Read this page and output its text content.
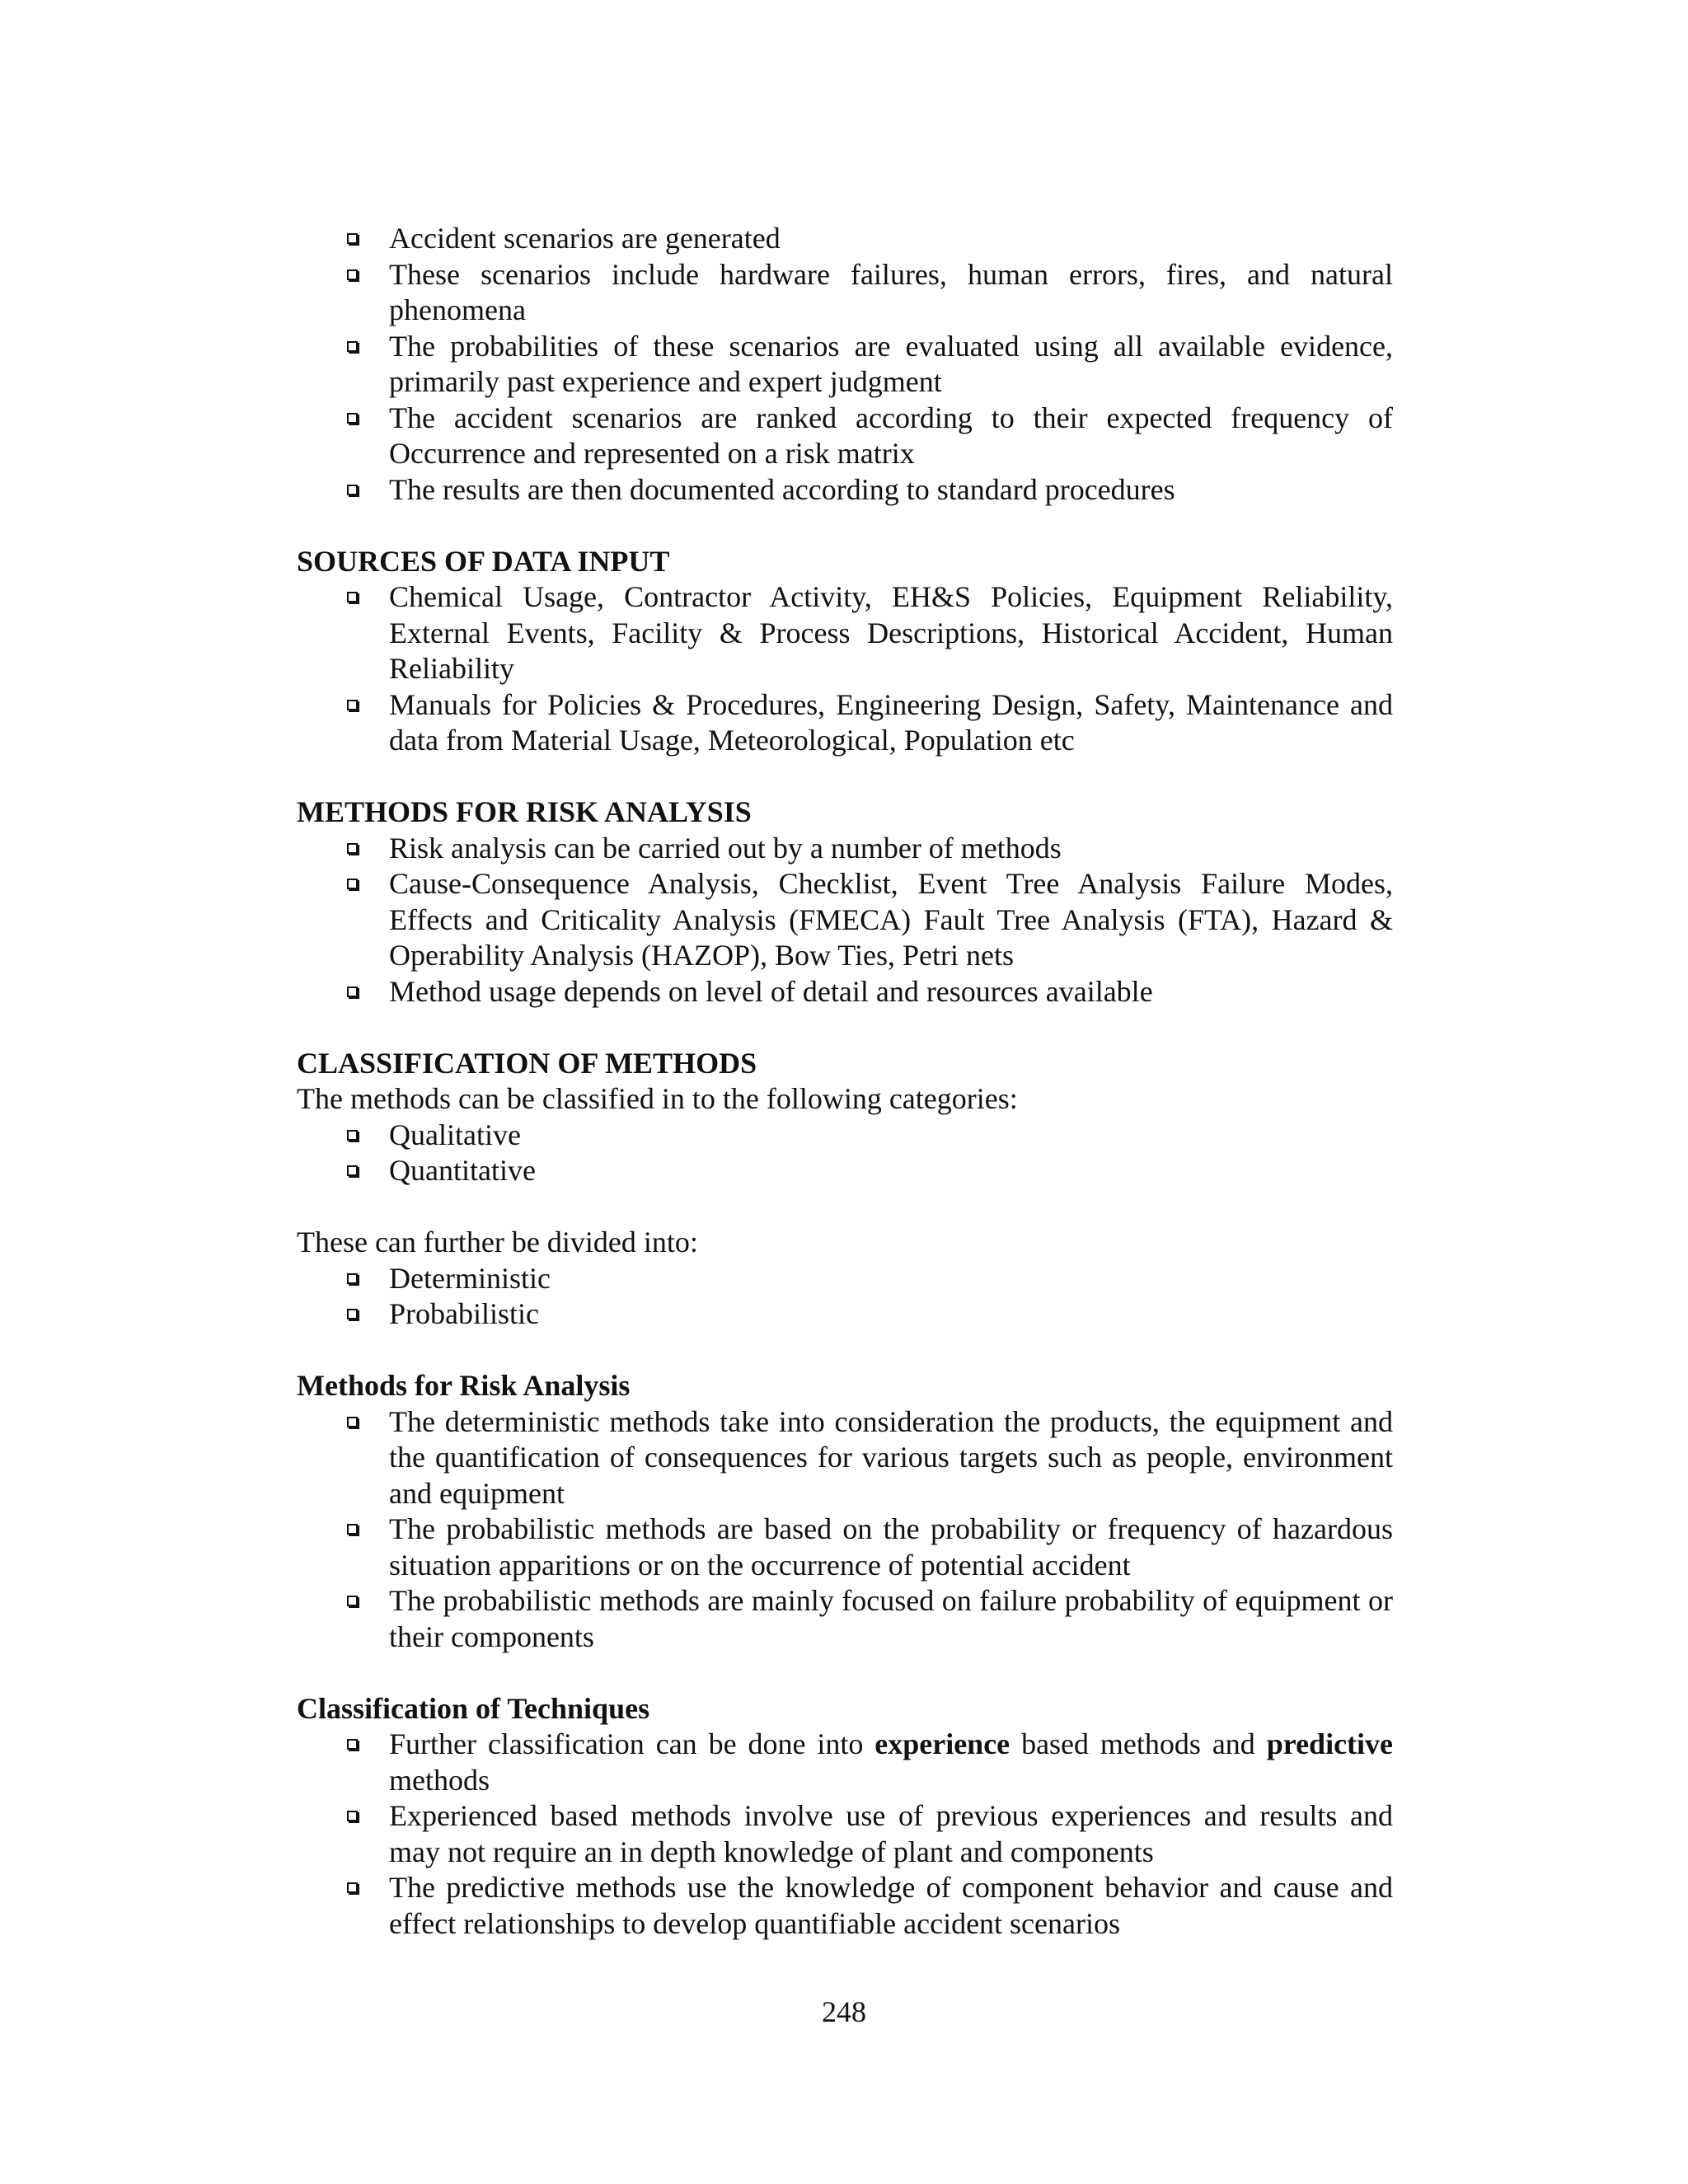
Accident scenarios are generated
These scenarios include hardware failures, human errors, fires, and natural phenomena
The probabilities of these scenarios are evaluated using all available evidence, primarily past experience and expert judgment
The accident scenarios are ranked according to their expected frequency of Occurrence and represented on a risk matrix
The results are then documented according to standard procedures

SOURCES OF DATA INPUT

Chemical Usage, Contractor Activity, EH&S Policies, Equipment Reliability, External Events, Facility & Process Descriptions, Historical Accident, Human Reliability
Manuals for Policies & Procedures, Engineering Design, Safety, Maintenance and data from Material Usage, Meteorological, Population etc

METHODS FOR RISK ANALYSIS

Risk analysis can be carried out by a number of methods
Cause-Consequence Analysis, Checklist, Event Tree Analysis Failure Modes, Effects and Criticality Analysis (FMECA) Fault Tree Analysis (FTA), Hazard & Operability Analysis (HAZOP), Bow Ties, Petri nets
Method usage depends on level of detail and resources available

CLASSIFICATION OF METHODS

The methods can be classified in to the following categories:

Qualitative
Quantitative

These can further be divided into:

Deterministic
Probabilistic

Methods for Risk Analysis

The deterministic methods take into consideration the products, the equipment and the quantification of consequences for various targets such as people, environment and equipment
The probabilistic methods are based on the probability or frequency of hazardous situation apparitions or on the occurrence of potential accident
The probabilistic methods are mainly focused on failure probability of equipment or their components

Classification of Techniques

Further classification can be done into experience based methods and predictive methods
Experienced based methods involve use of previous experiences and results and may not require an in depth knowledge of plant and components
The predictive methods use the knowledge of component behavior and cause and effect relationships to develop quantifiable accident scenarios
248
